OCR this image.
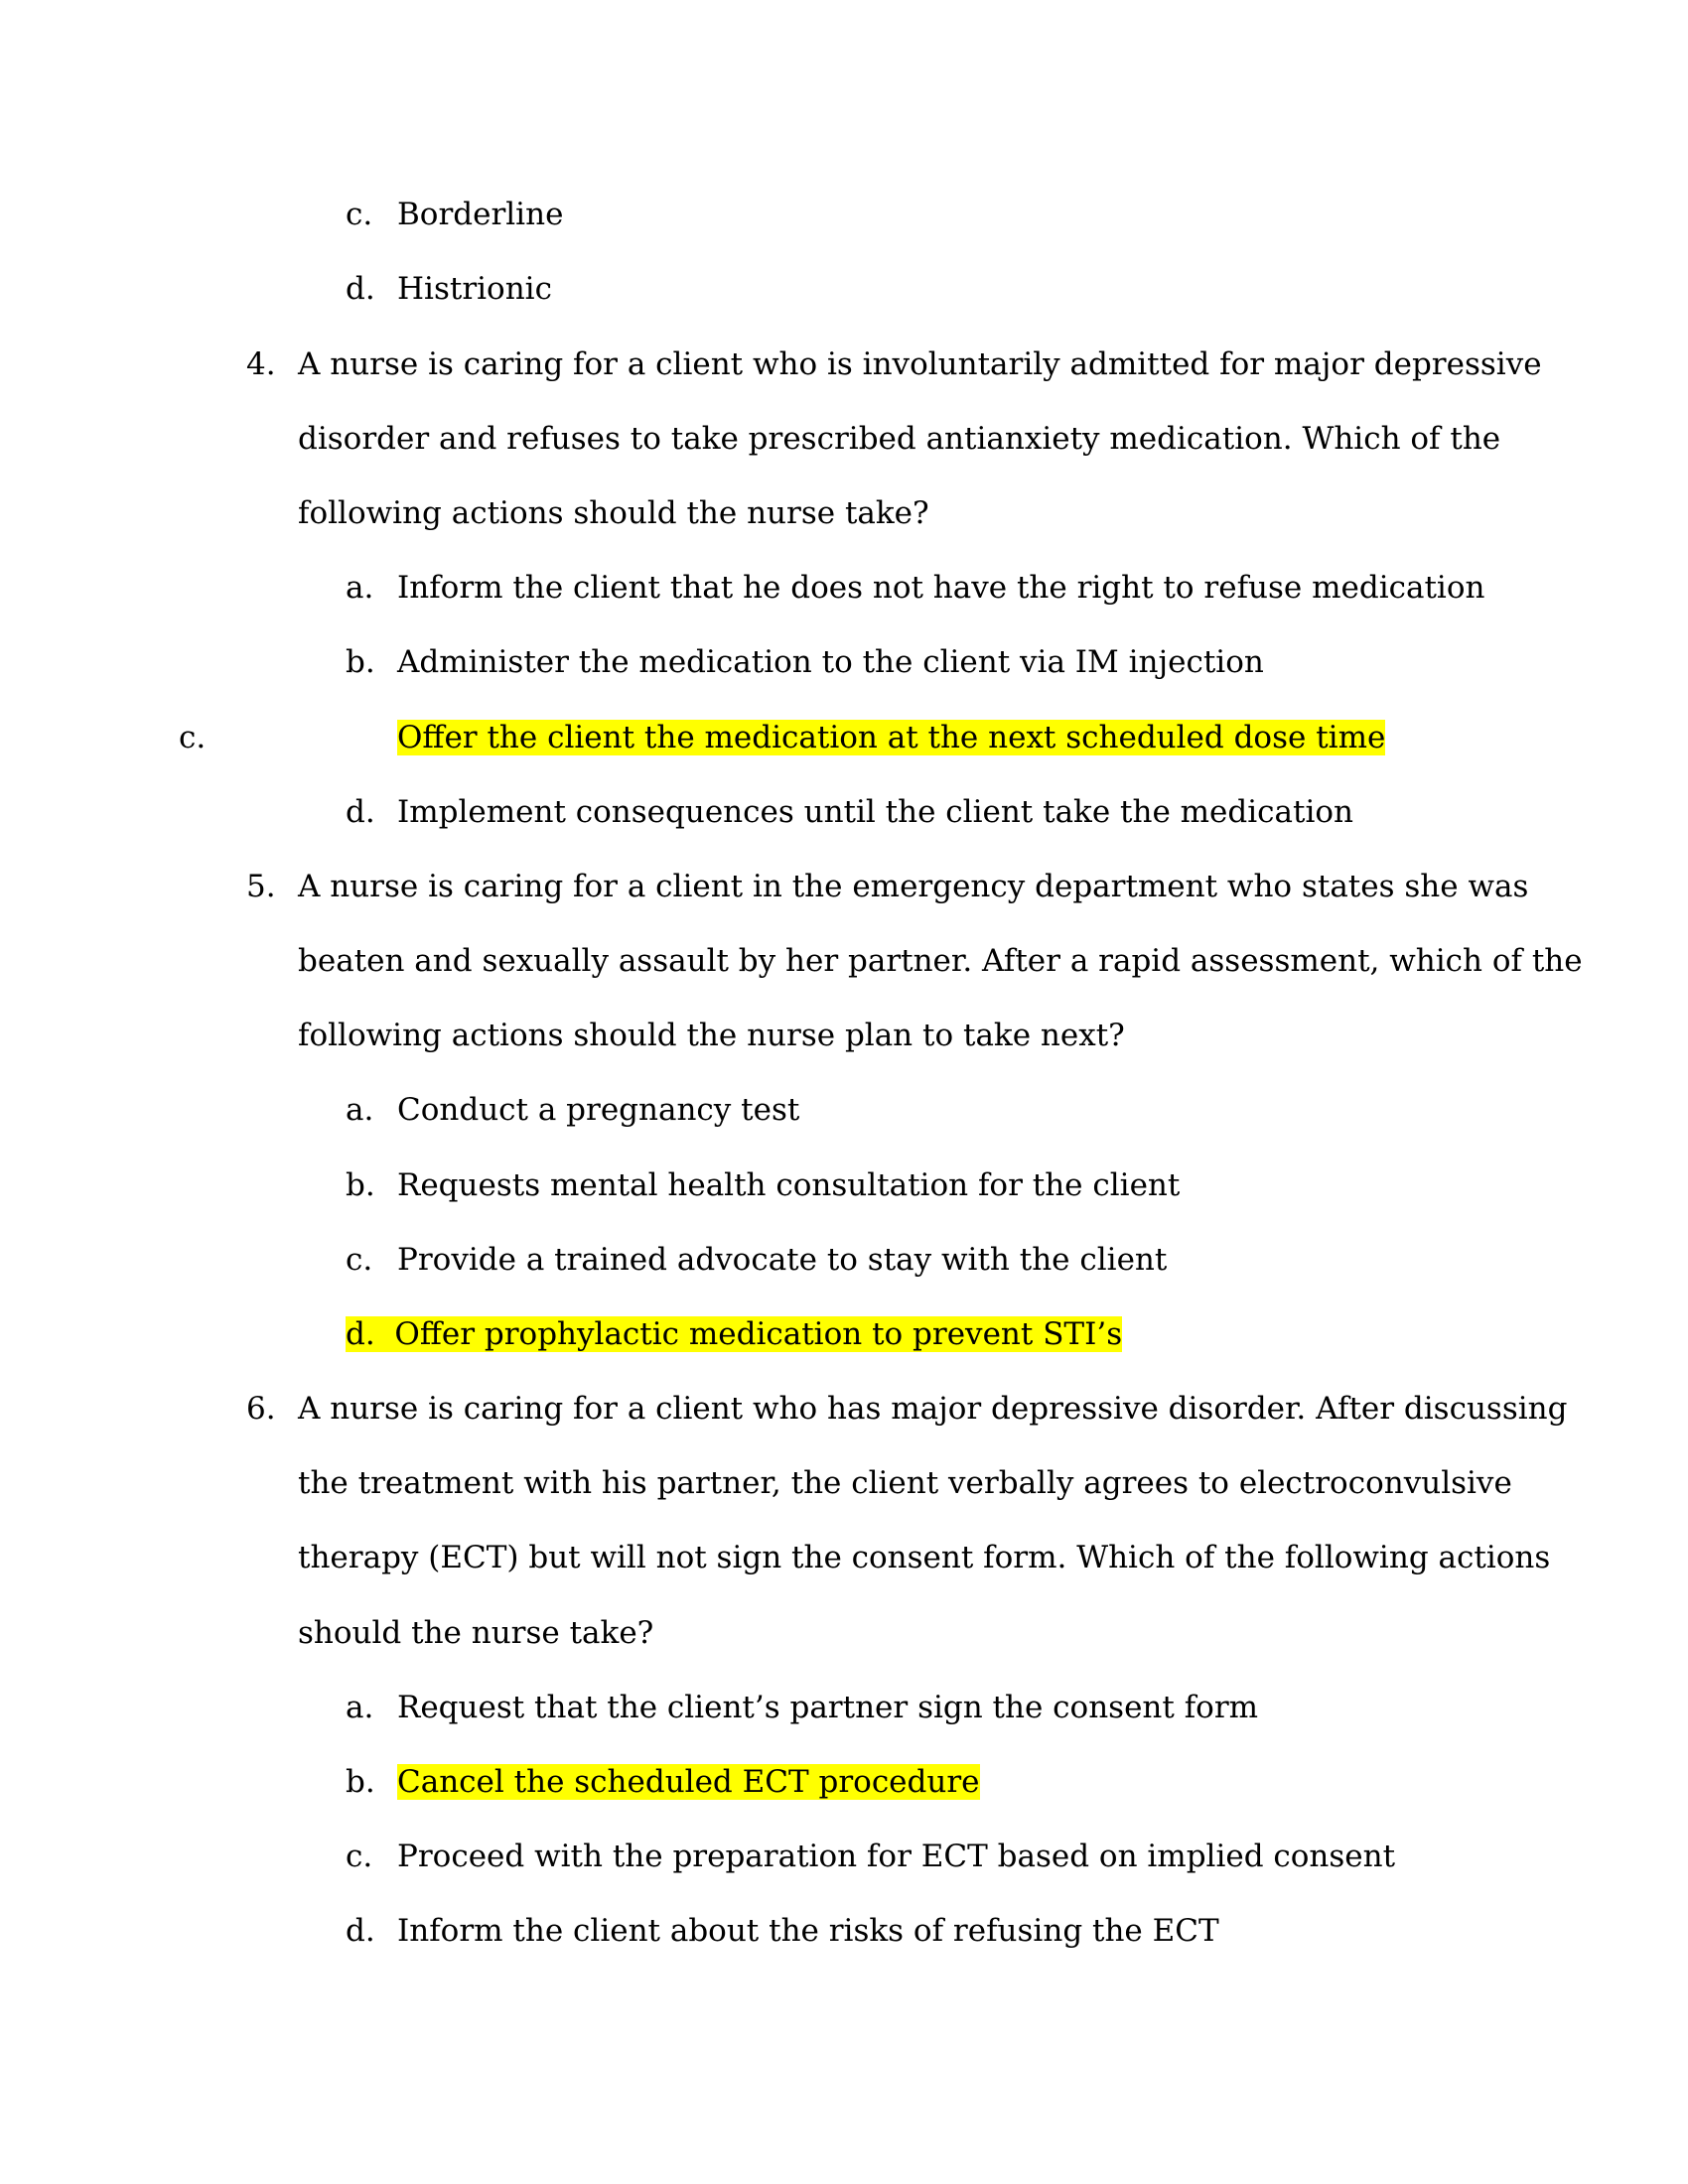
c. Borderline
d. Histrionic
4. A nurse is caring for a client who is involuntarily admitted for major depressive
disorder and refuses to take prescribed antianxiety medication. Which of the
following actions should the nurse take?
a. Inform the client that he does not have the right to refuse medication
b. Administer the medication to the client via IM injection
c.	Offer the client the medication at the next scheduled dose time
d. Implement consequences until the client take the medication
5. A nurse is caring for a client in the emergency department who states she was
beaten and sexually assault by her partner. After a rapid assessment, which of the
following actions should the nurse plan to take next?
a. Conduct a pregnancy test
b. Requests mental health consultation for the client
c. Provide a trained advocate to stay with the client
d. Offer prophylactic medication to prevent STI’s
6. A nurse is caring for a client who has major depressive disorder. After discussing
the treatment with his partner, the client verbally agrees to electroconvulsive
therapy (ECT) but will not sign the consent form. Which of the following actions
should the nurse take?
a. Request that the client’s partner sign the consent form
b. Cancel the scheduled ECT procedure
c. Proceed with the preparation for ECT based on implied consent
d. Inform the client about the risks of refusing the ECT
